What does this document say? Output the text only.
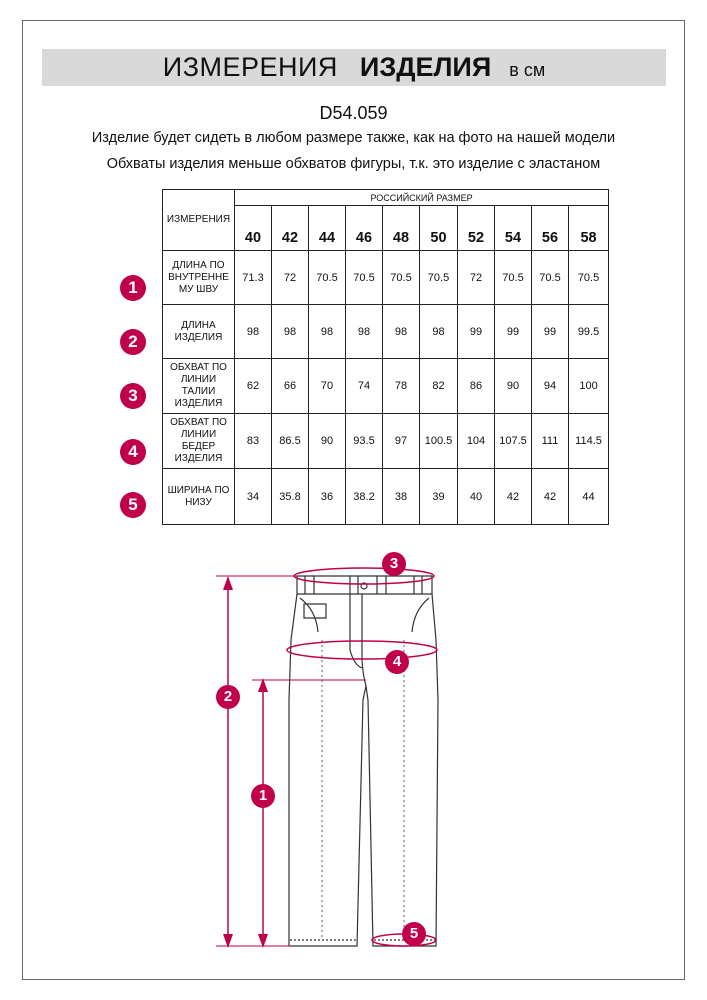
ИЗМЕРЕНИЯ ИЗДЕЛИЯ в см
D54.059
Изделие будет сидеть в любом размере также, как на фото на нашей модели
Обхваты изделия меньше обхватов фигуры, т.к. это изделие с эластаном
ИЗМЕРЕНИЯ	РОССИЙСКИЙ РАЗМЕР									
	40	42	44	46	48	50	52	54	56	58
ДЛИНА ПО ВНУТРЕННЕ МУ ШВУ	71.3	72	70.5	70.5	70.5	70.5	72	70.5	70.5	70.5
ДЛИНА ИЗДЕЛИЯ	98	98	98	98	98	98	99	99	99	99.5
ОБХВАТ ПО ЛИНИИ ТАЛИИ ИЗДЕЛИЯ	62	66	70	74	78	82	86	90	94	100
ОБХВАТ ПО ЛИНИИ БЕДЕР ИЗДЕЛИЯ	83	86.5	90	93.5	97	100.5	104	107.5	111	114.5
ШИРИНА ПО НИЗУ	34	35.8	36	38.2	38	39	40	42	42	44
1
2
3
4
5
3
4
2
1
5
